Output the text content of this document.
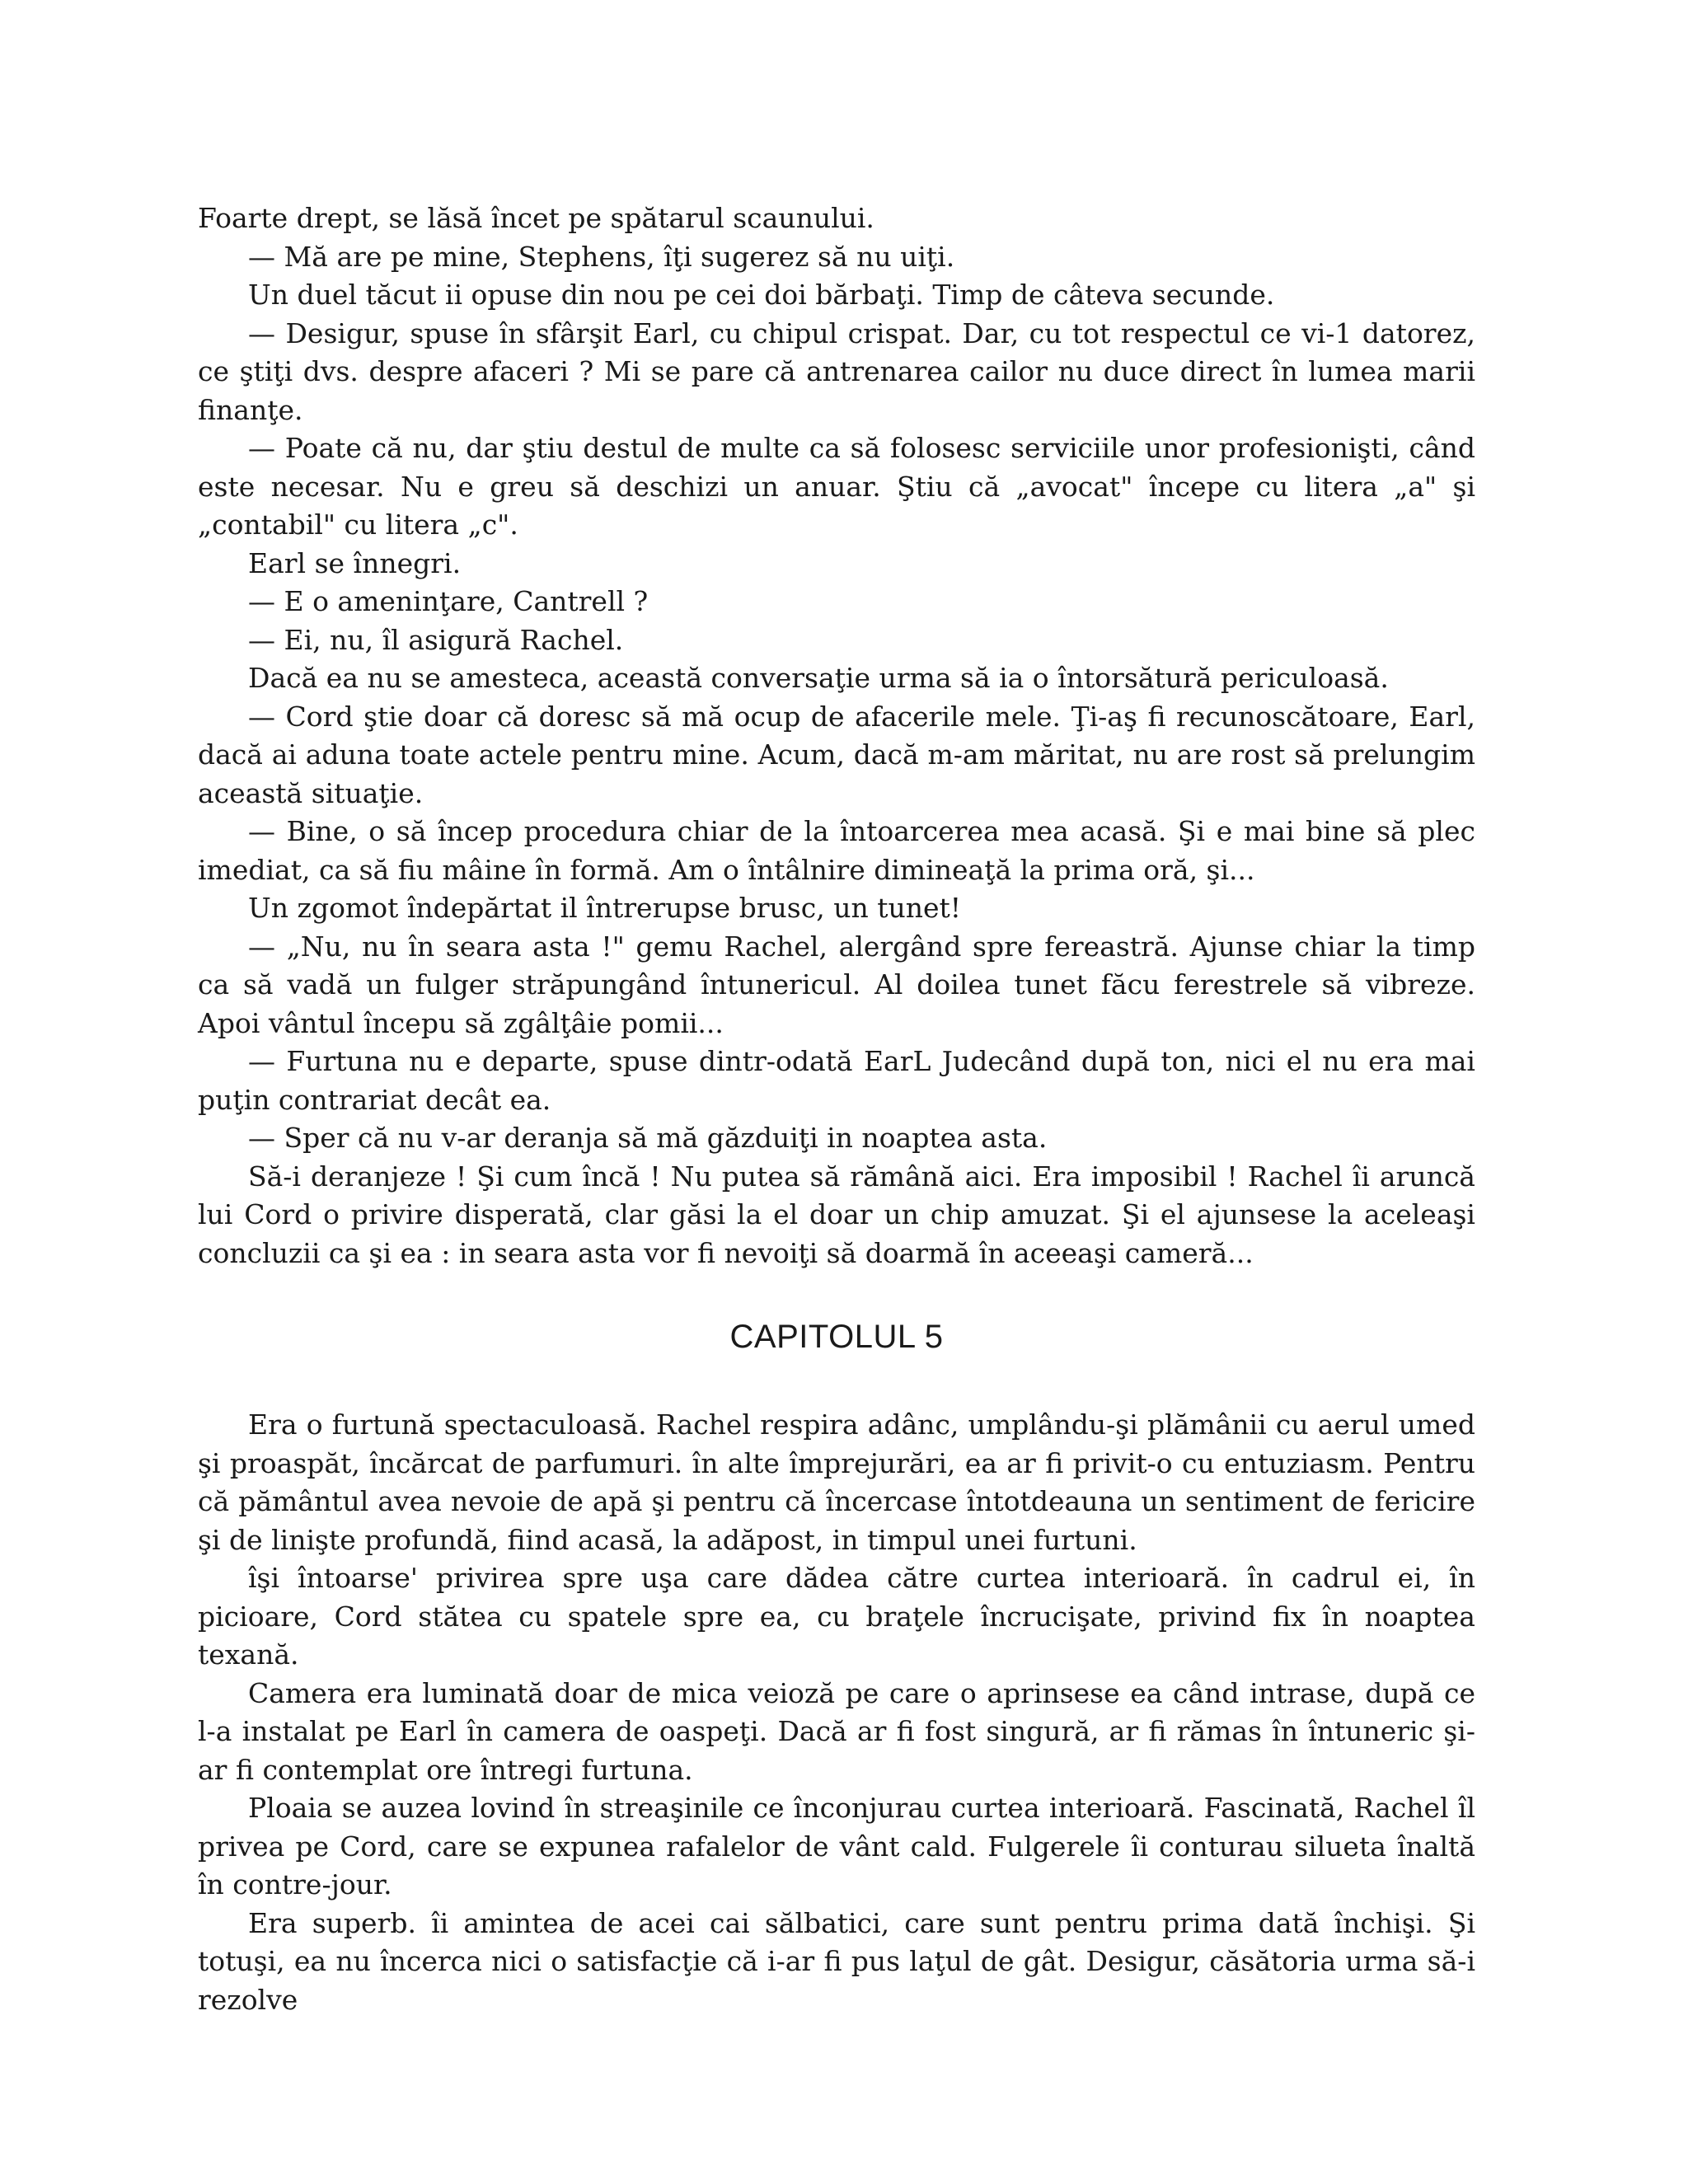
Foarte drept, se lăsă încet pe spătarul scaunului.

— Mă are pe mine, Stephens, îţi sugerez să nu uiţi.

Un duel tăcut ii opuse din nou pe cei doi bărbaţi. Timp de câteva secunde.

— Desigur, spuse în sfârşit Earl, cu chipul crispat. Dar, cu tot respectul ce vi-1 datorez, ce ştiţi dvs. despre afaceri ? Mi se pare că antrenarea cailor nu duce direct în lumea marii finanţe.

— Poate că nu, dar ştiu destul de multe ca să folosesc serviciile unor profesionişti, când este necesar. Nu e greu să deschizi un anuar. Ştiu că „avocat" începe cu litera „a" şi „contabil" cu litera „c".

Earl se înnegri.

— E o ameninţare, Cantrell ?

— Ei, nu, îl asigură Rachel.

Dacă ea nu se amesteca, această conversaţie urma să ia o întorsătură periculoasă.

— Cord ştie doar că doresc să mă ocup de afacerile mele. Ţi-aş fi recunoscătoare, Earl, dacă ai aduna toate actele pentru mine. Acum, dacă m-am măritat, nu are rost să prelungim această situaţie.

— Bine, o să încep procedura chiar de la întoarcerea mea acasă. Şi e mai bine să plec imediat, ca să fiu mâine în formă. Am o întâlnire dimineaţă la prima oră, şi...

Un zgomot îndepărtat il întrerupse brusc, un tunet!

— „Nu, nu în seara asta !" gemu Rachel, alergând spre fereastră. Ajunse chiar la timp ca să vadă un fulger străpungând întunericul. Al doilea tunet făcu ferestrele să vibreze. Apoi vântul începu să zgâlţâie pomii...

— Furtuna nu e departe, spuse dintr-odată EarL Judecând după ton, nici el nu era mai puţin contrariat decât ea.

— Sper că nu v-ar deranja să mă găzduiţi in noaptea asta.

Să-i deranjeze ! Şi cum încă ! Nu putea să rămână aici. Era imposibil ! Rachel îi aruncă lui Cord o privire disperată, clar găsi la el doar un chip amuzat. Şi el ajunsese la aceleaşi concluzii ca şi ea : in seara asta vor fi nevoiţi să doarmă în aceeaşi cameră...

CAPITOLUL 5

Era o furtună spectaculoasă. Rachel respira adânc, umplându-şi plămânii cu aerul umed şi proaspăt, încărcat de parfumuri. în alte împrejurări, ea ar fi privit-o cu entuziasm. Pentru că pământul avea nevoie de apă şi pentru că încercase întotdeauna un sentiment de fericire şi de linişte profundă, fiind acasă, la adăpost, in timpul unei furtuni.

îşi întoarse' privirea spre uşa care dădea către curtea interioară. în cadrul ei, în picioare, Cord stătea cu spatele spre ea, cu braţele încrucişate, privind fix în noaptea texană.

Camera era luminată doar de mica veioză pe care o aprinsese ea când intrase, după ce l-a instalat pe Earl în camera de oaspeţi. Dacă ar fi fost singură, ar fi rămas în întuneric şi-ar fi contemplat ore întregi furtuna.

Ploaia se auzea lovind în streaşinile ce înconjurau curtea interioară. Fascinată, Rachel îl privea pe Cord, care se expunea rafalelor de vânt cald. Fulgerele îi conturau silueta înaltă în contre-jour.

Era superb. îi amintea de acei cai sălbatici, care sunt pentru prima dată închişi. Şi totuşi, ea nu încerca nici o satisfacţie că i-ar fi pus laţul de gât. Desigur, căsătoria urma să-i rezolve
